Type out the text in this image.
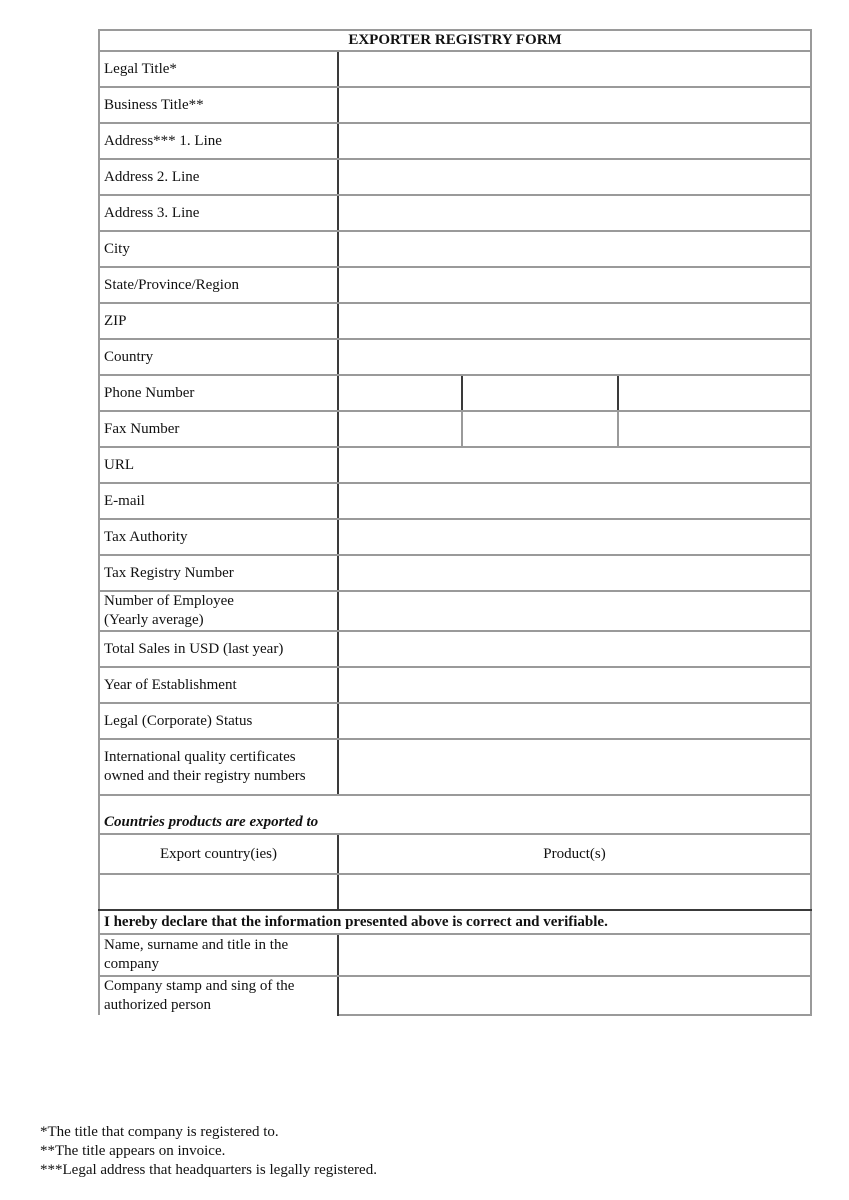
EXPORTER REGISTRY FORM			
Legal Title*			
Business Title**			
Address*** 1. Line			
Address 2. Line			
Address 3. Line			
City			
State/Province/Region			
ZIP			
Country			
Phone Number			
Fax Number			
URL			
E-mail			
Tax Authority			
Tax Registry Number			

Number of Employee
(Yearly average)			

Total Sales in USD (last year)			
Year of Establishment			
Legal (Corporate) Status			
International quality certificates owned and their registry numbers			
Countries products are exported to			
Export country(ies)	Product(s)		

I hereby declare that the information presented above is correct and verifiable.			
Name, surname and title in the company			
Company stamp and sing of the authorized person			
*The title that company is registered to.
**The title appears on invoice.
***Legal address that headquarters is legally registered.
